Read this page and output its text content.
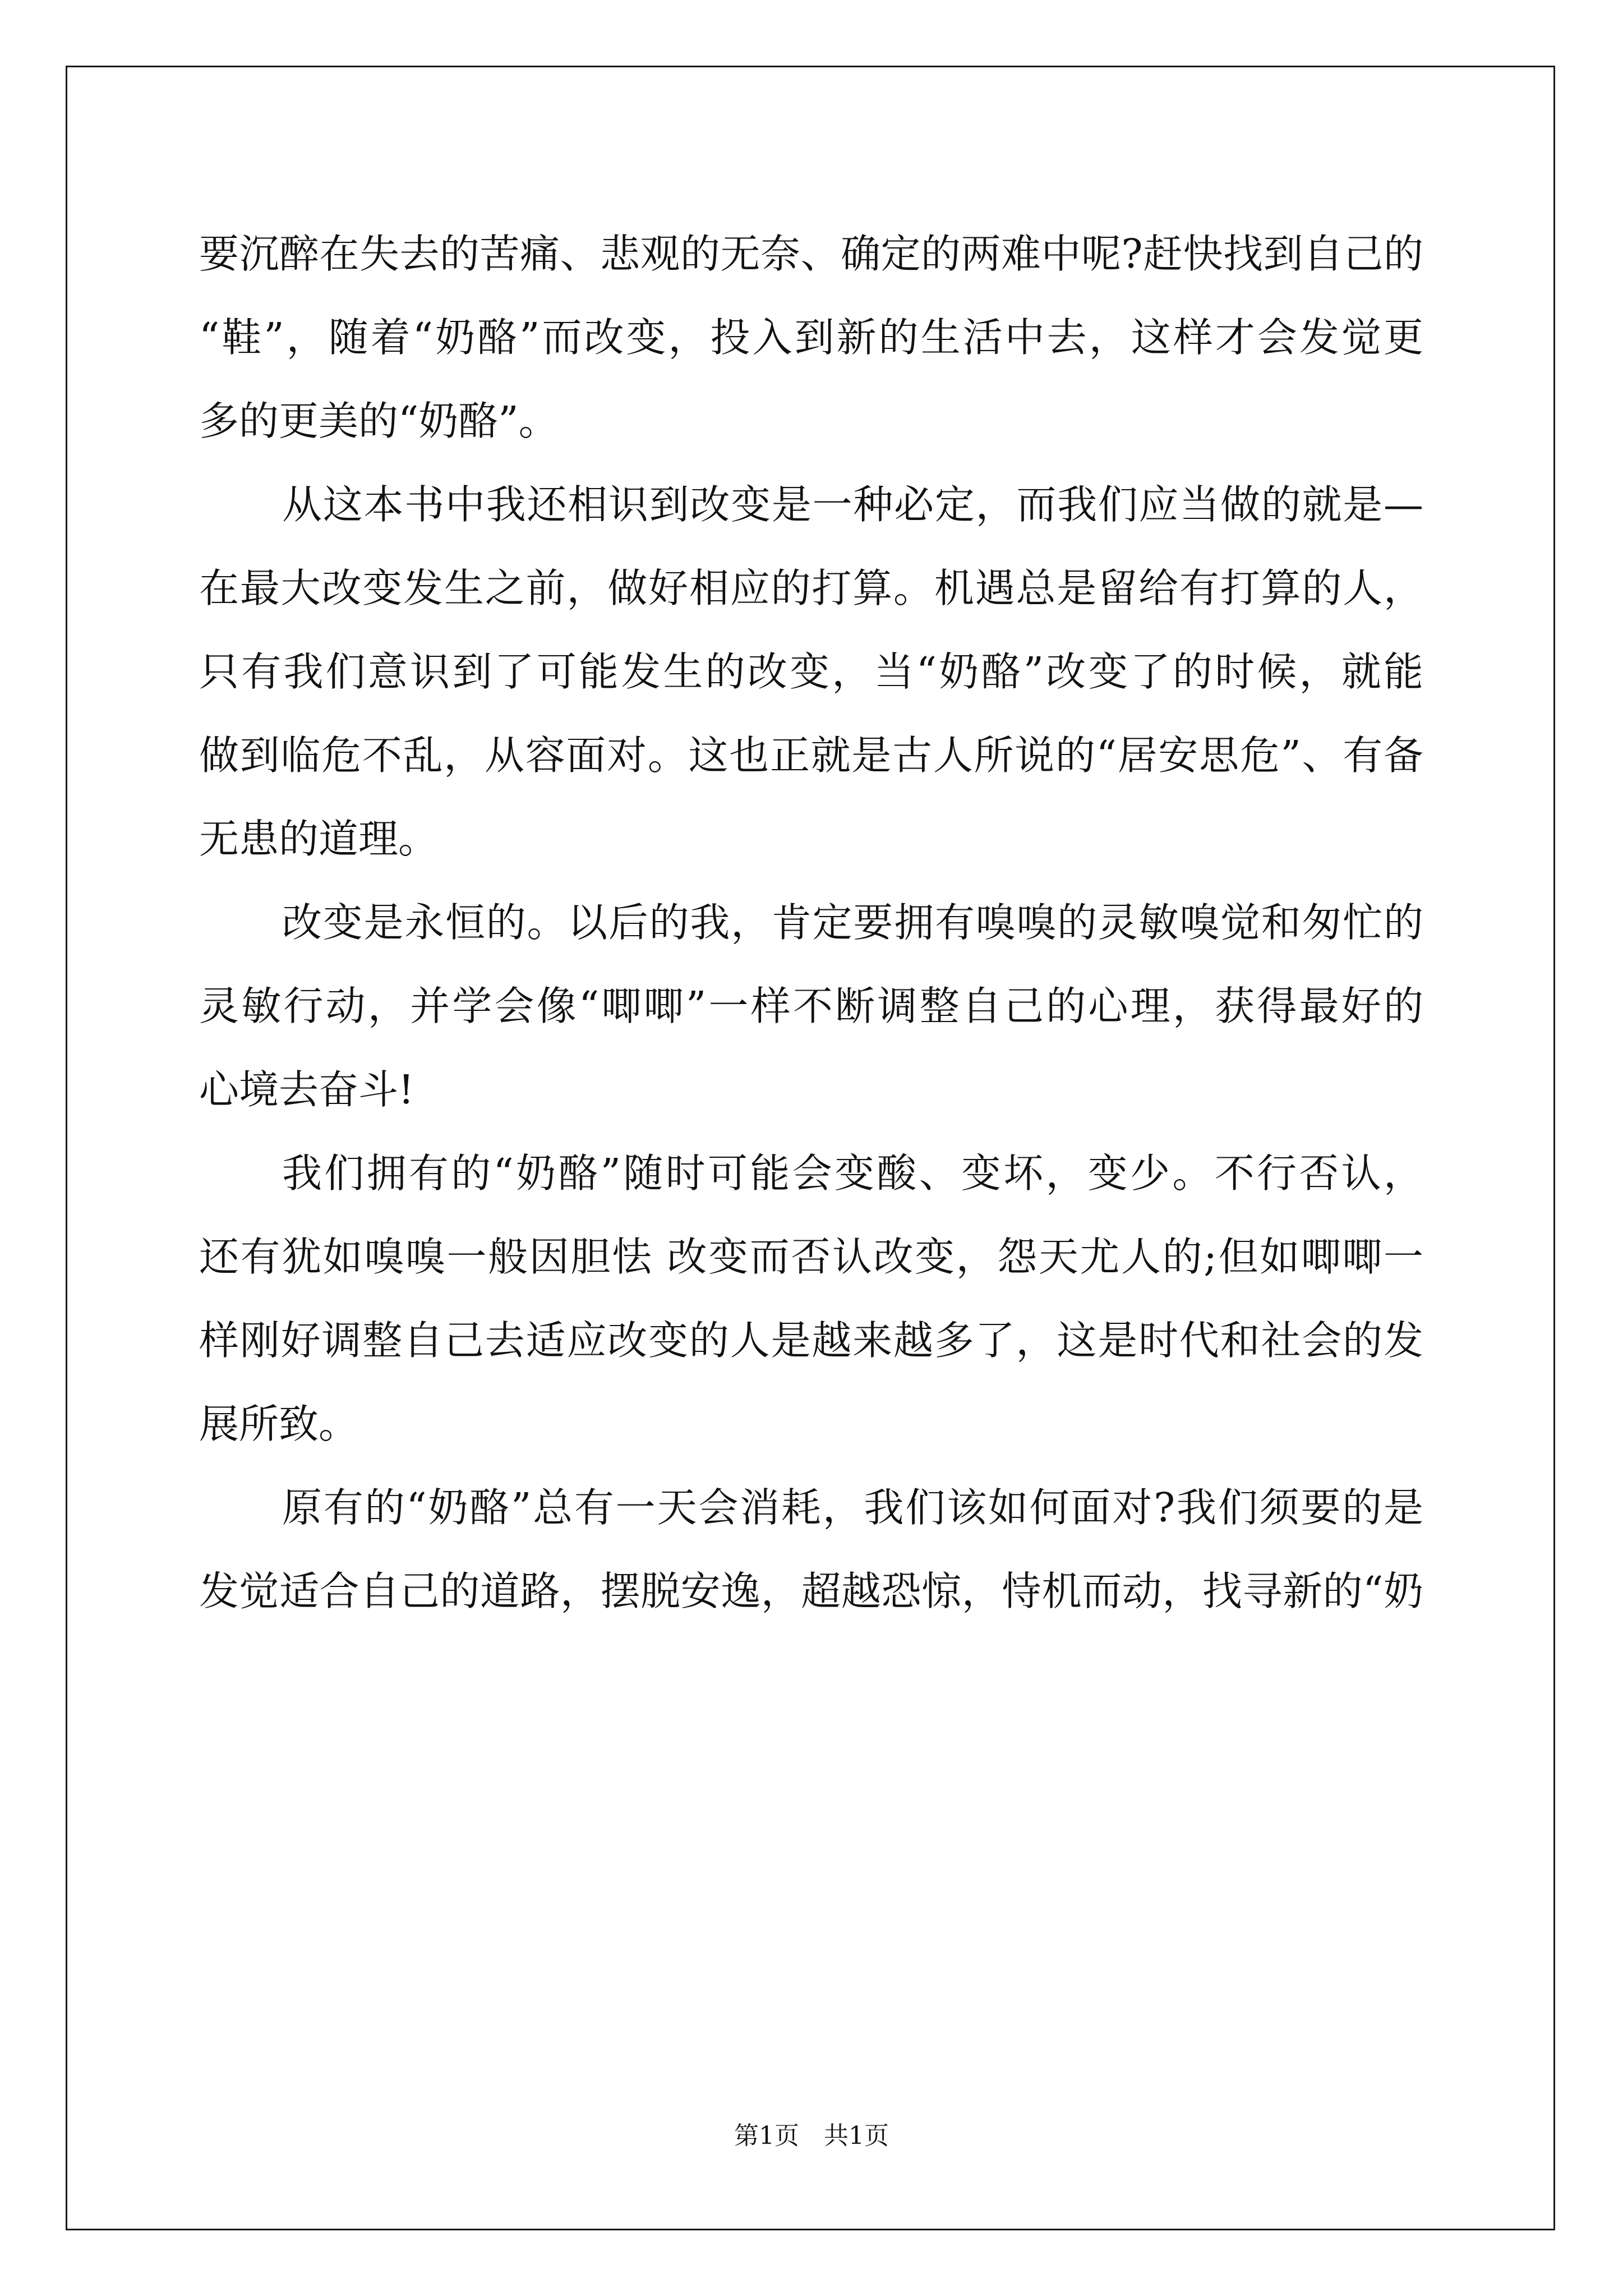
要沉醉在失去的苦痛、悲观的无奈、确定的两难中呢?赶快找到自己的
“鞋”，随着“奶酪”而改变，投入到新的生活中去，这样才会发觉更
多的更美的“奶酪”。
从这本书中我还相识到改变是一种必定，而我们应当做的就是—
在最大改变发生之前，做好相应的打算。机遇总是留给有打算的人，
只有我们意识到了可能发生的改变，当“奶酪”改变了的时候，就能
做到临危不乱，从容面对。这也正就是古人所说的“居安思危”、有备
无患的道理。
改变是永恒的。以后的我，肯定要拥有嗅嗅的灵敏嗅觉和匆忙的
灵敏行动，并学会像“唧唧”一样不断调整自己的心理，获得最好的
心境去奋斗!
我们拥有的“奶酪”随时可能会变酸、变坏，变少。不行否认，
还有犹如嗅嗅一般因胆怯 改变而否认改变，怨天尤人的;但如唧唧一
样刚好调整自己去适应改变的人是越来越多了，这是时代和社会的发
展所致。
原有的“奶酪”总有一天会消耗，我们该如何面对?我们须要的是
发觉适合自己的道路，摆脱安逸，超越恐惊，恃机而动，找寻新的“奶
第1页 共1页
